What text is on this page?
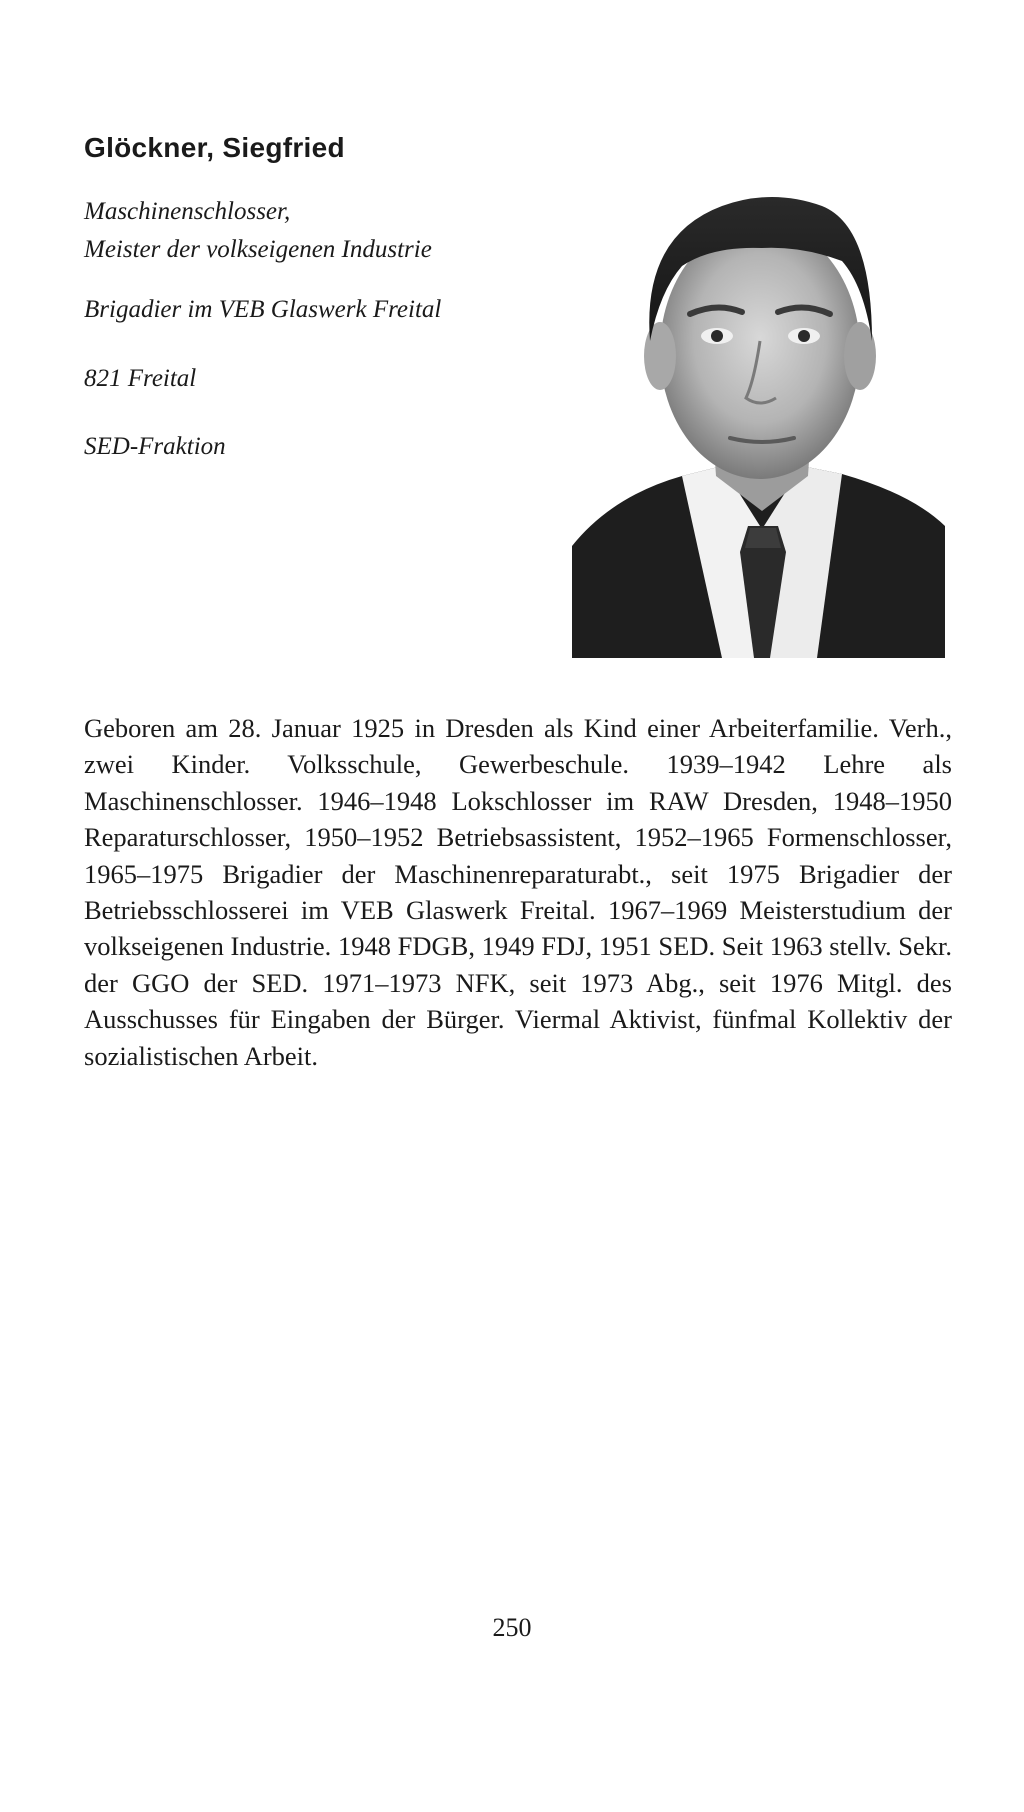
Glöckner, Siegfried

Maschinenschlosser,

Meister der volkseigenen Industrie

Brigadier im VEB Glaswerk Freital

821 Freital

SED-Fraktion

Geboren am 28. Januar 1925 in Dresden als Kind einer Arbeiterfamilie. Verh., zwei Kinder. Volksschule, Gewerbeschule. 1939–1942 Lehre als Maschinenschlosser. 1946–1948 Lokschlosser im RAW Dresden, 1948–1950 Reparaturschlosser, 1950–1952 Betriebsassistent, 1952–1965 Formenschlosser, 1965–1975 Brigadier der Maschinenreparaturabt., seit 1975 Brigadier der Betriebsschlosserei im VEB Glaswerk Freital. 1967–1969 Meisterstudium der volkseigenen Industrie. 1948 FDGB, 1949 FDJ, 1951 SED. Seit 1963 stellv. Sekr. der GGO der SED. 1971–1973 NFK, seit 1973 Abg., seit 1976 Mitgl. des Ausschusses für Eingaben der Bürger. Viermal Aktivist, fünfmal Kollektiv der sozialistischen Arbeit.

250
